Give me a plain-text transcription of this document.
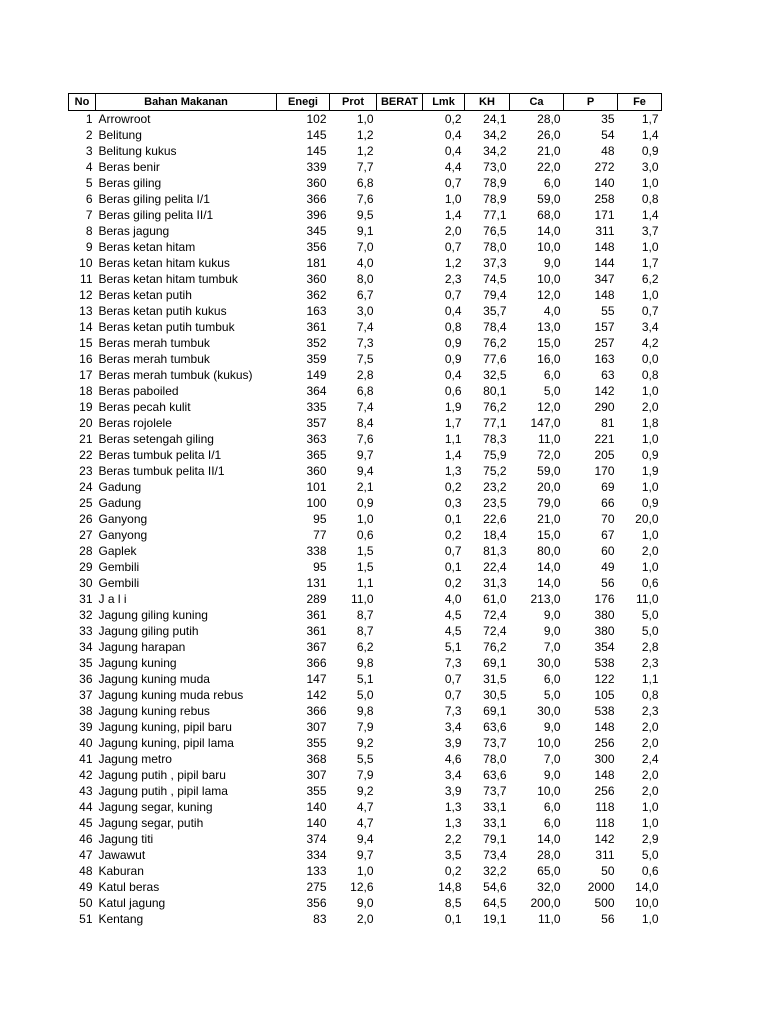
No	Bahan Makanan	Enegi	Prot	BERAT	Lmk	KH	Ca	P	Fe
1	Arrowroot	102	1,0		0,2	24,1	28,0	35	1,7
2	Belitung	145	1,2		0,4	34,2	26,0	54	1,4
3	Belitung kukus	145	1,2		0,4	34,2	21,0	48	0,9
4	Beras benir	339	7,7		4,4	73,0	22,0	272	3,0
5	Beras giling	360	6,8		0,7	78,9	6,0	140	1,0
6	Beras giling pelita I/1	366	7,6		1,0	78,9	59,0	258	0,8
7	Beras giling pelita II/1	396	9,5		1,4	77,1	68,0	171	1,4
8	Beras jagung	345	9,1		2,0	76,5	14,0	311	3,7
9	Beras ketan hitam	356	7,0		0,7	78,0	10,0	148	1,0
10	Beras ketan hitam kukus	181	4,0		1,2	37,3	9,0	144	1,7
11	Beras ketan hitam tumbuk	360	8,0		2,3	74,5	10,0	347	6,2
12	Beras ketan putih	362	6,7		0,7	79,4	12,0	148	1,0
13	Beras ketan putih kukus	163	3,0		0,4	35,7	4,0	55	0,7
14	Beras ketan putih tumbuk	361	7,4		0,8	78,4	13,0	157	3,4
15	Beras merah tumbuk	352	7,3		0,9	76,2	15,0	257	4,2
16	Beras merah tumbuk	359	7,5		0,9	77,6	16,0	163	0,0
17	Beras merah tumbuk (kukus)	149	2,8		0,4	32,5	6,0	63	0,8
18	Beras paboiled	364	6,8		0,6	80,1	5,0	142	1,0
19	Beras pecah kulit	335	7,4		1,9	76,2	12,0	290	2,0
20	Beras rojolele	357	8,4		1,7	77,1	147,0	81	1,8
21	Beras setengah giling	363	7,6		1,1	78,3	11,0	221	1,0
22	Beras tumbuk pelita I/1	365	9,7		1,4	75,9	72,0	205	0,9
23	Beras tumbuk pelita II/1	360	9,4		1,3	75,2	59,0	170	1,9
24	Gadung	101	2,1		0,2	23,2	20,0	69	1,0
25	Gadung	100	0,9		0,3	23,5	79,0	66	0,9
26	Ganyong	95	1,0		0,1	22,6	21,0	70	20,0
27	Ganyong	77	0,6		0,2	18,4	15,0	67	1,0
28	Gaplek	338	1,5		0,7	81,3	80,0	60	2,0
29	Gembili	95	1,5		0,1	22,4	14,0	49	1,0
30	Gembili	131	1,1		0,2	31,3	14,0	56	0,6
31	J a l i	289	11,0		4,0	61,0	213,0	176	11,0
32	Jagung giling kuning	361	8,7		4,5	72,4	9,0	380	5,0
33	Jagung giling putih	361	8,7		4,5	72,4	9,0	380	5,0
34	Jagung harapan	367	6,2		5,1	76,2	7,0	354	2,8
35	Jagung kuning	366	9,8		7,3	69,1	30,0	538	2,3
36	Jagung kuning muda	147	5,1		0,7	31,5	6,0	122	1,1
37	Jagung kuning muda rebus	142	5,0		0,7	30,5	5,0	105	0,8
38	Jagung kuning rebus	366	9,8		7,3	69,1	30,0	538	2,3
39	Jagung kuning, pipil baru	307	7,9		3,4	63,6	9,0	148	2,0
40	Jagung kuning, pipil lama	355	9,2		3,9	73,7	10,0	256	2,0
41	Jagung metro	368	5,5		4,6	78,0	7,0	300	2,4
42	Jagung putih , pipil baru	307	7,9		3,4	63,6	9,0	148	2,0
43	Jagung putih , pipil lama	355	9,2		3,9	73,7	10,0	256	2,0
44	Jagung segar, kuning	140	4,7		1,3	33,1	6,0	118	1,0
45	Jagung segar, putih	140	4,7		1,3	33,1	6,0	118	1,0
46	Jagung titi	374	9,4		2,2	79,1	14,0	142	2,9
47	Jawawut	334	9,7		3,5	73,4	28,0	311	5,0
48	Kaburan	133	1,0		0,2	32,2	65,0	50	0,6
49	Katul beras	275	12,6		14,8	54,6	32,0	2000	14,0
50	Katul jagung	356	9,0		8,5	64,5	200,0	500	10,0
51	Kentang	83	2,0		0,1	19,1	11,0	56	1,0
